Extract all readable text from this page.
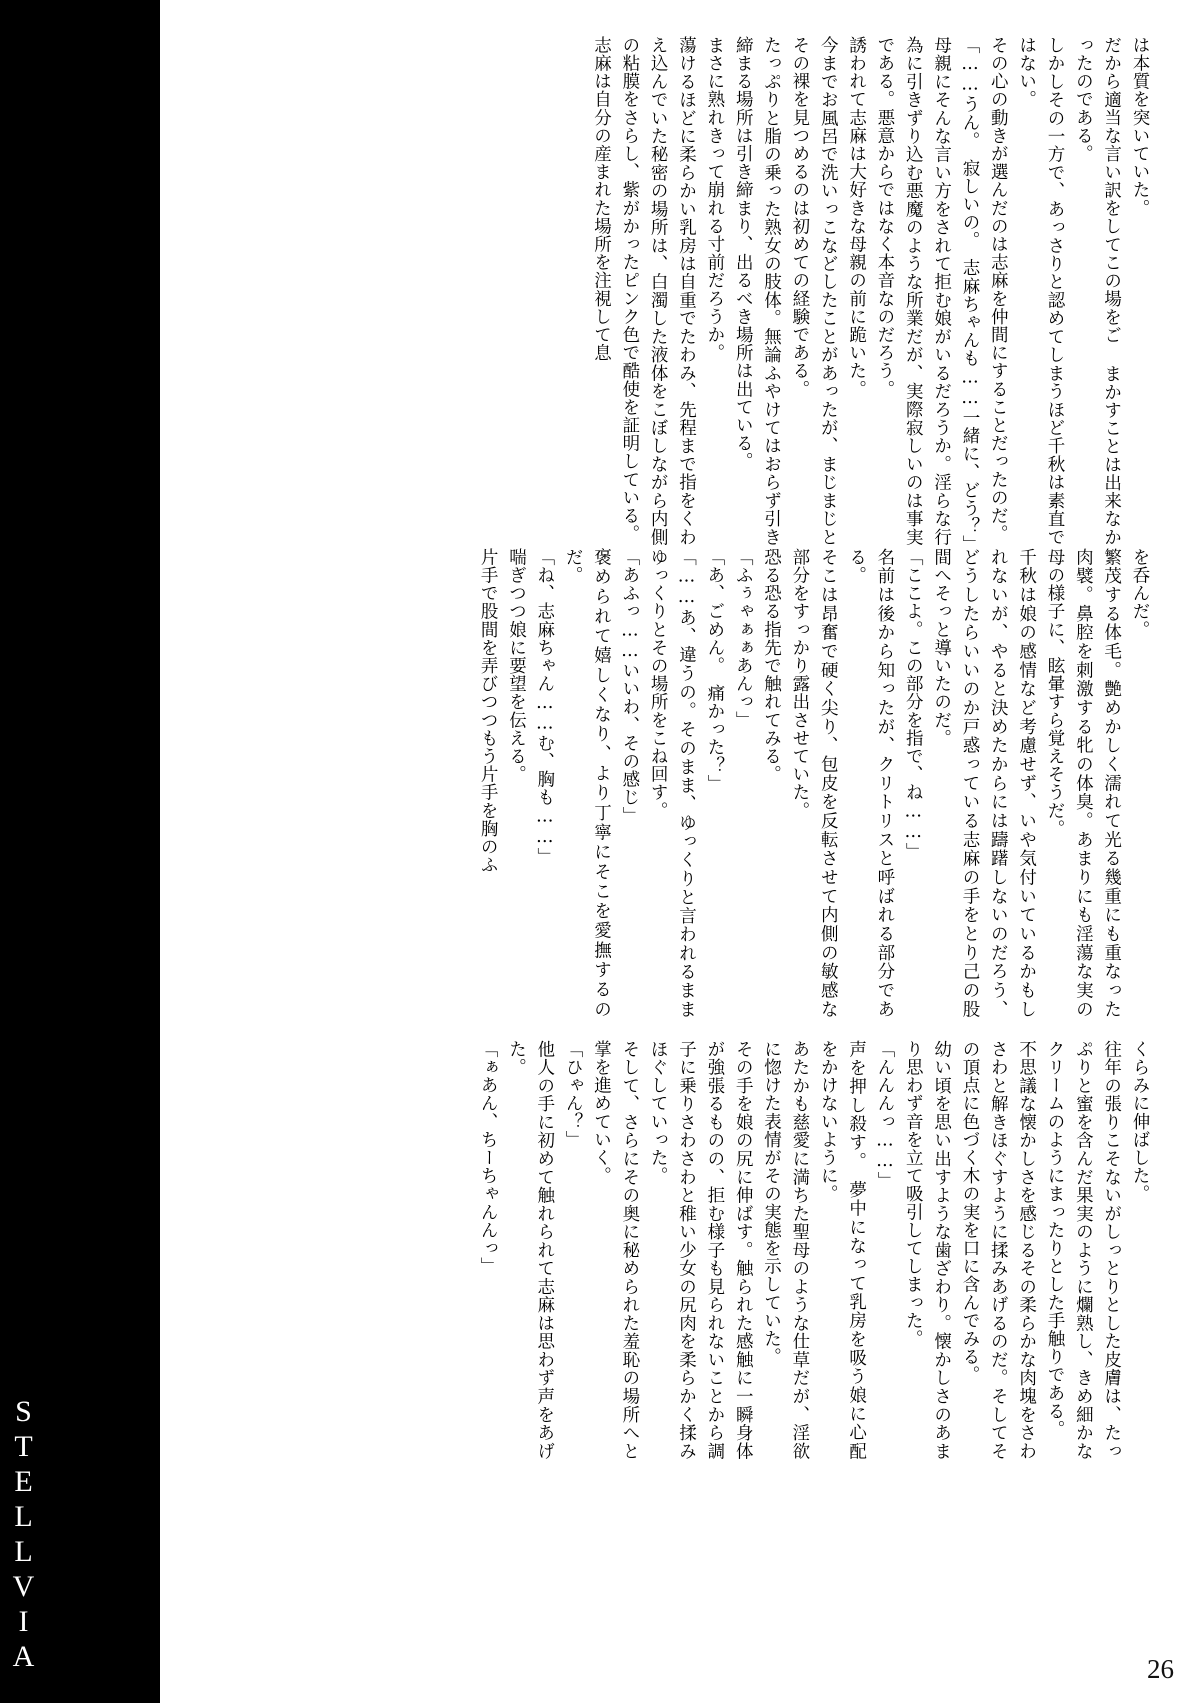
STELLVIA

は本質を突いていた。

だから適当な言い訳をしてこの場をご まかすことは出来なかったのである。

しかしその一方で、あっさりと認めてしまうほど千秋は素直ではない。

その心の動きが選んだのは志麻を仲間にすることだったのだ。

「……うん。　寂しいの。　志麻ちゃんも……一緒に、どう？」

母親にそんな言い方をされて拒む娘がいるだろうか。淫らな行為に引きずり込む悪魔のような所業だが、実際寂しいのは事実である。悪意からではなく本音なのだろう。

誘われて志麻は大好きな母親の前に跪いた。

今までお風呂で洗いっこなどしたことがあったが、まじまじとその裸を見つめるのは初めての経験である。

たっぷりと脂の乗った熟女の肢体。無論ふやけてはおらず引き締まる場所は引き締まり、出るべき場所は出ている。

まさに熟れきって崩れる寸前だろうか。

蕩けるほどに柔らかい乳房は自重でたわみ、先程まで指をくわえ込んでいた秘密の場所は、白濁した液体をこぼしながら内側の粘膜をさらし、紫がかったピンク色で酷使を証明している。

志麻は自分の産まれた場所を注視して息

を呑んだ。

繁茂する体毛。艶めかしく濡れて光る幾重にも重なった肉襞。鼻腔を刺激する牝の体臭。あまりにも淫蕩な実の母の様子に、眩暈すら覚えそうだ。

千秋は娘の感情など考慮せず、いや気付いているかもしれないが、やると決めたからには躊躇しないのだろう、どうしたらいいのか戸惑っている志麻の手をとり己の股間へそっと導いたのだ。

「ここよ。この部分を指で、ね……」

名前は後から知ったが、クリトリスと呼ばれる部分である。

そこは昂奮で硬く尖り、包皮を反転させて内側の敏感な部分をすっかり露出させていた。

恐る恐る指先で触れてみる。

「ふぅゃぁぁあんっ」

「あ、ごめん。　痛かった？」

「……あ、違うの。そのまま、ゆっくりと言われるままゆっくりとその場所をこね回す。

「あふっ……いいわ、その感じ」

褒められて嬉しくなり、より丁寧にそこを愛撫するのだ。

「ね、志麻ちゃん……む、胸も……」

喘ぎつつ娘に要望を伝える。

片手で股間を弄びつつもう片手を胸のふ

くらみに伸ばした。

往年の張りこそないがしっとりとした皮膚は、たっぷりと蜜を含んだ果実のように爛熟し、きめ細かなクリームのようにまったりとした手触りである。

不思議な懐かしさを感じるその柔らかな肉塊をさわさわと解きほぐすように揉みあげるのだ。そしてその頂点に色づく木の実を口に含んでみる。

幼い頃を思い出すような歯ざわり。懐かしさのあまり思わず音を立て吸引してしまった。

「んんんっ……」

声を押し殺す。　夢中になって乳房を吸う娘に心配をかけないように。

あたかも慈愛に満ちた聖母のような仕草だが、淫欲に惚けた表情がその実態を示していた。

その手を娘の尻に伸ばす。触られた感触に一瞬身体が強張るものの、拒む様子も見られないことから調子に乗りさわさわと稚い少女の尻肉を柔らかく揉みほぐしていった。

そして、さらにその奥に秘められた羞恥の場所へと掌を進めていく。

「ひゃん？」

他人の手に初めて触れられて志麻は思わず声をあげた。

「ぁあん、ちーちゃんんっ」

26
